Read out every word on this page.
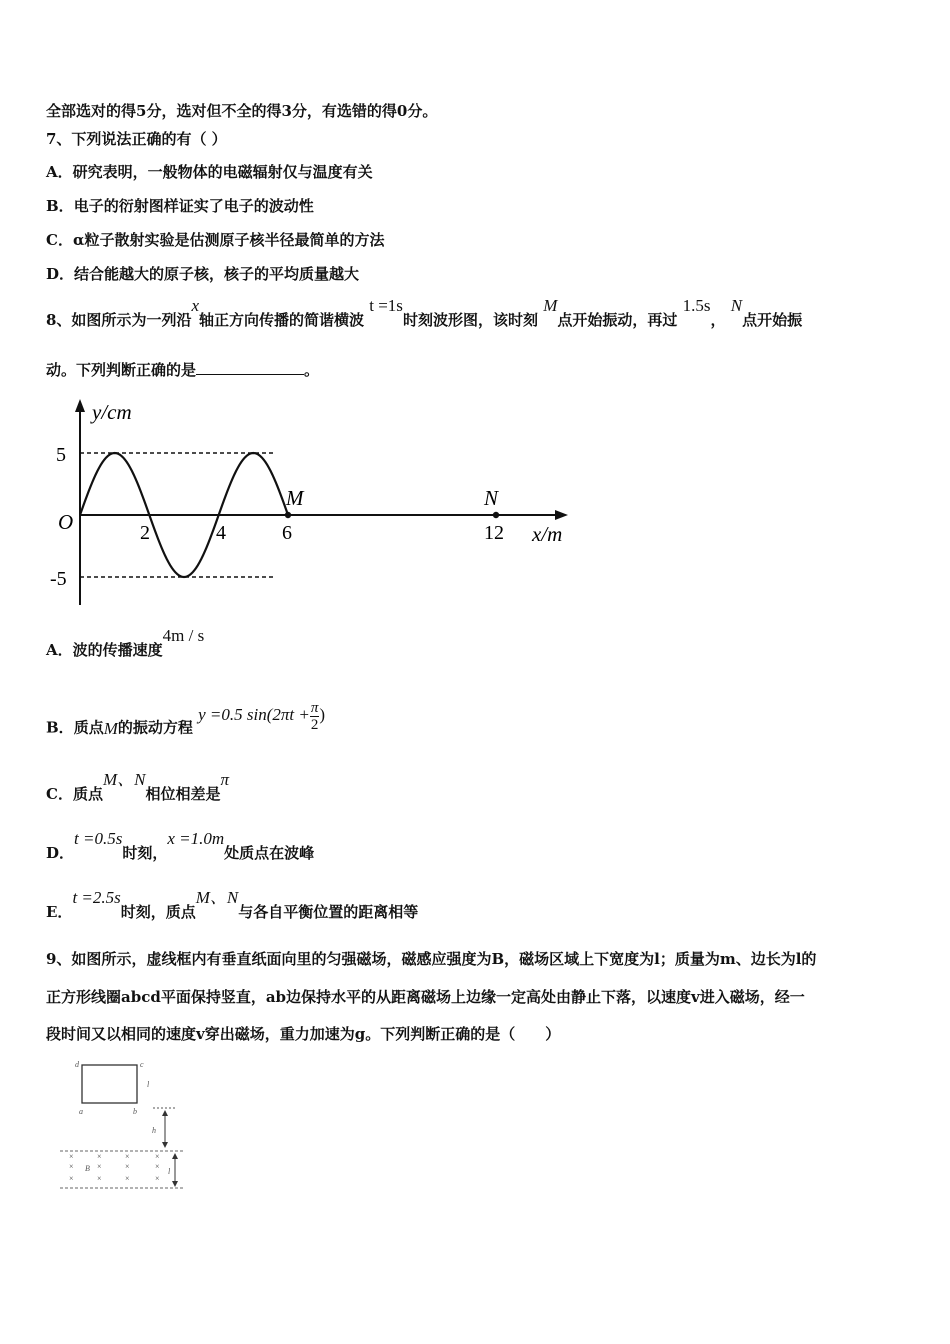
全部选对的得5分，选对但不全的得3分，有选错的得0分。
7、下列说法正确的有（ ）
A．研究表明，一般物体的电磁辐射仅与温度有关
B．电子的衍射图样证实了电子的波动性
C．α粒子散射实验是估测原子核半径最简单的方法
D．结合能越大的原子核，核子的平均质量越大
8、如图所示为一列沿x轴正方向传播的简谐横波 t =1s时刻波形图，该时刻 M点开始振动，再过 1.5s， N点开始振
动。下列判断正确的是	。
y/cm
x/m
O
5
-5
2	4	6	12
M	N
A．波的传播速度4m / s
B．质点M的振动方程 y =0.5 $\sin(2\pi t + \frac{\pi}{2}$ )
C．质点M、N相位相差是π
D．t =0.5s时刻，x =1.0m处质点在波峰
E．t =2.5s时刻，质点M、N与各自平衡位置的距离相等
9、如图所示，虚线框内有垂直纸面向里的匀强磁场，磁感应强度为B，磁场区域上下宽度为l；质量为m、边长为l的
正方形线圈abcd平面保持竖直，ab边保持水平的从距离磁场上边缘一定高处由静止下落，以速度v进入磁场，经一
段时间又以相同的速度v穿出磁场，重力加速为g。下列判断正确的是（　　）
d	c
a	b
l
h
×	×	×	×
×	×	×	×
×	×	×	×
B	l
